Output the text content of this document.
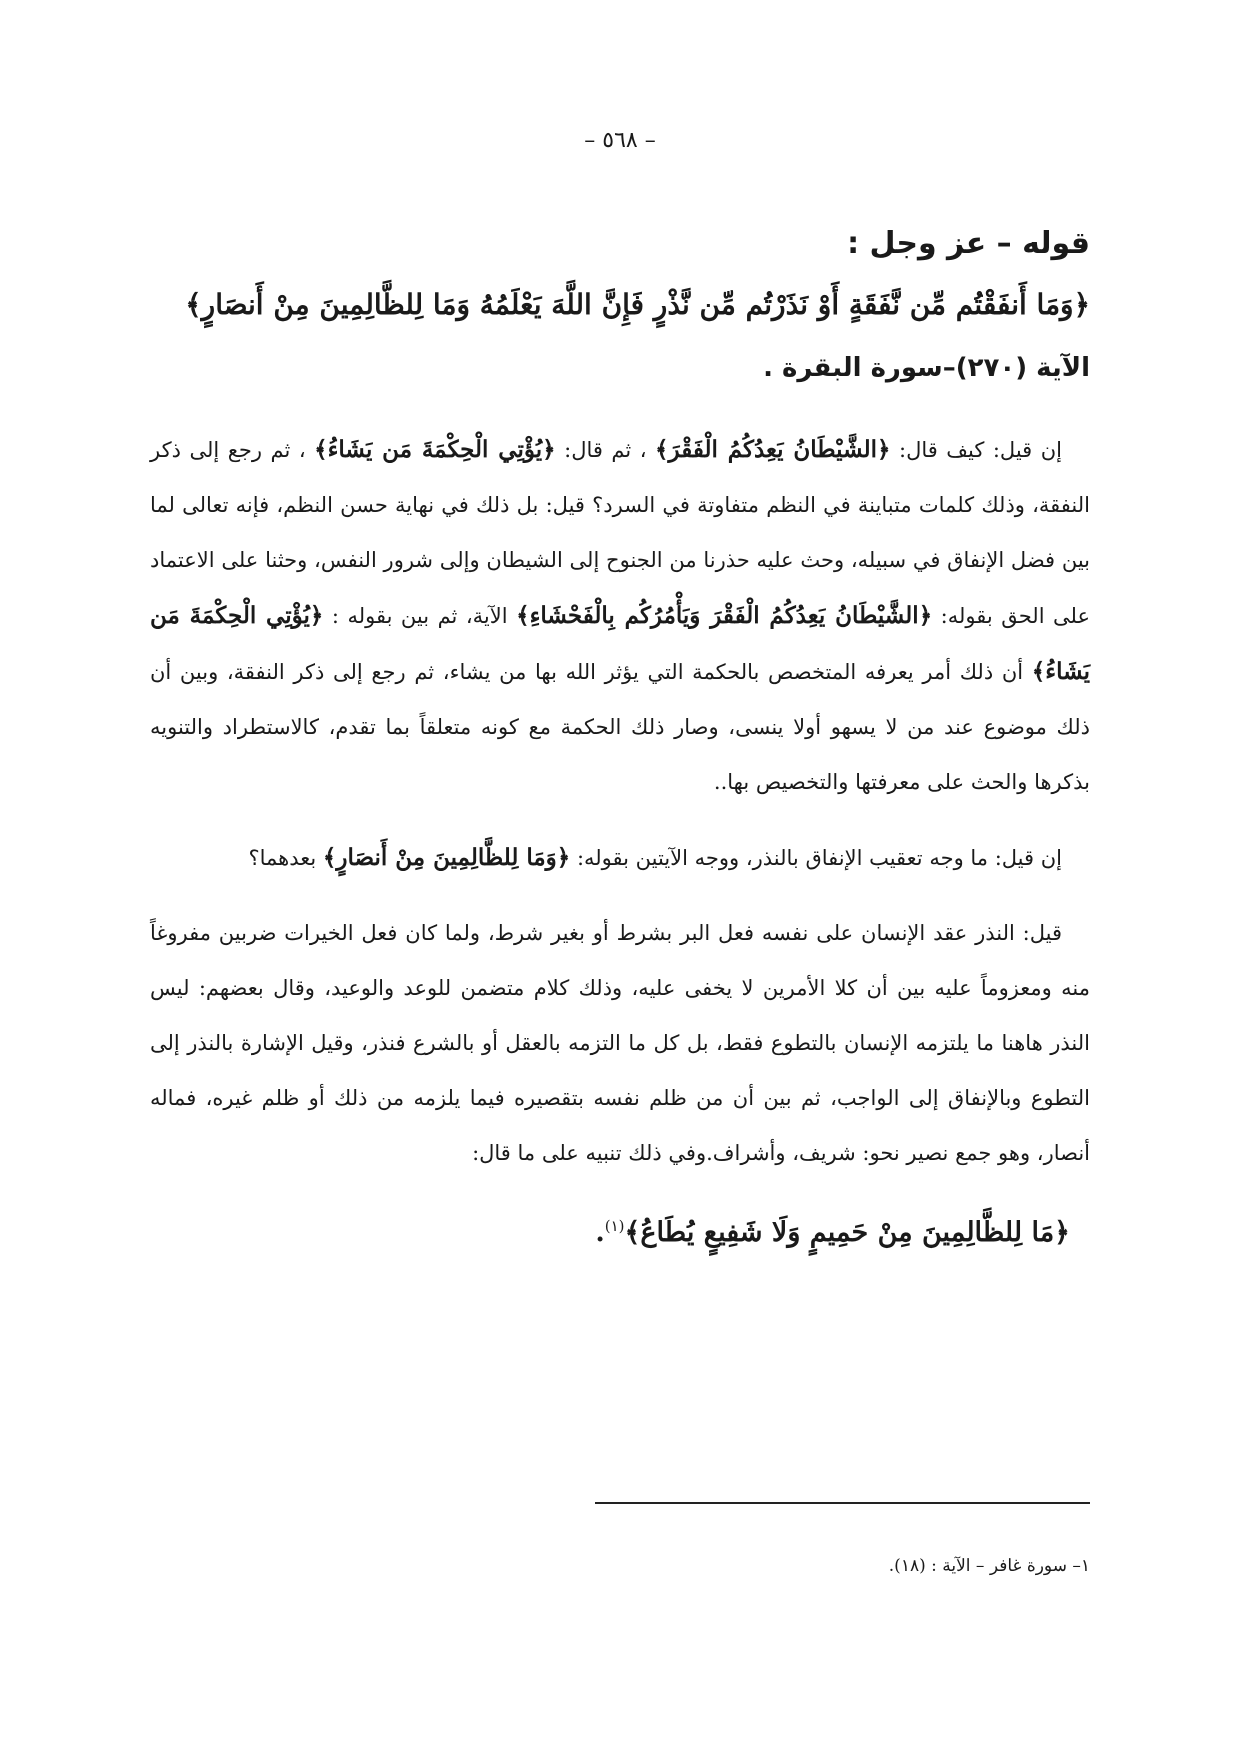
– ٥٦٨ –
قوله – عز وجل :

﴿وَمَا أَنفَقْتُم مِّن نَّفَقَةٍ أَوْ نَذَرْتُم مِّن نَّذْرٍ فَإِنَّ اللَّهَ يَعْلَمُهُ وَمَا لِلظَّالِمِينَ مِنْ أَنصَارٍ﴾

الآية (٢٧٠)–سورة البقرة .

إن قيل: كيف قال: ﴿الشَّيْطَانُ يَعِدُكُمُ الْفَقْرَ﴾ ، ثم قال: ﴿يُؤْتِي الْحِكْمَةَ مَن يَشَاءُ﴾ ، ثم رجع إلى ذكر النفقة، وذلك كلمات متباينة في النظم متفاوتة في السرد؟ قيل: بل ذلك في نهاية حسن النظم، فإنه تعالى لما بين فضل الإنفاق في سبيله، وحث عليه حذرنا من الجنوح إلى الشيطان وإلى شرور النفس، وحثنا على الاعتماد على الحق بقوله: ﴿الشَّيْطَانُ يَعِدُكُمُ الْفَقْرَ وَيَأْمُرُكُم بِالْفَحْشَاءِ﴾ الآية، ثم بين بقوله : ﴿يُؤْتِي الْحِكْمَةَ مَن يَشَاءُ﴾ أن ذلك أمر يعرفه المتخصص بالحكمة التي يؤثر الله بها من يشاء، ثم رجع إلى ذكر النفقة، وبين أن ذلك موضوع عند من لا يسهو أولا ينسى، وصار ذلك الحكمة مع كونه متعلقاً بما تقدم، كالاستطراد والتنويه بذكرها والحث على معرفتها والتخصيص بها..

إن قيل: ما وجه تعقيب الإنفاق بالنذر، ووجه الآيتين بقوله: ﴿وَمَا لِلظَّالِمِينَ مِنْ أَنصَارٍ﴾ بعدهما؟

قيل: النذر عقد الإنسان على نفسه فعل البر بشرط أو بغير شرط، ولما كان فعل الخيرات ضربين مفروغاً منه ومعزوماً عليه بين أن كلا الأمرين لا يخفى عليه، وذلك كلام متضمن للوعد والوعيد، وقال بعضهم: ليس النذر هاهنا ما يلتزمه الإنسان بالتطوع فقط، بل كل ما التزمه بالعقل أو بالشرع فنذر، وقيل الإشارة بالنذر إلى التطوع وبالإنفاق إلى الواجب، ثم بين أن من ظلم نفسه بتقصيره فيما يلزمه من ذلك أو ظلم غيره، فماله أنصار، وهو جمع نصير نحو: شريف، وأشراف.وفي ذلك تنبيه على ما قال:

﴿مَا لِلظَّالِمِينَ مِنْ حَمِيمٍ وَلَا شَفِيعٍ يُطَاعُ﴾$^{(١)}$.

١– سورة غافر – الآية : (١٨).
